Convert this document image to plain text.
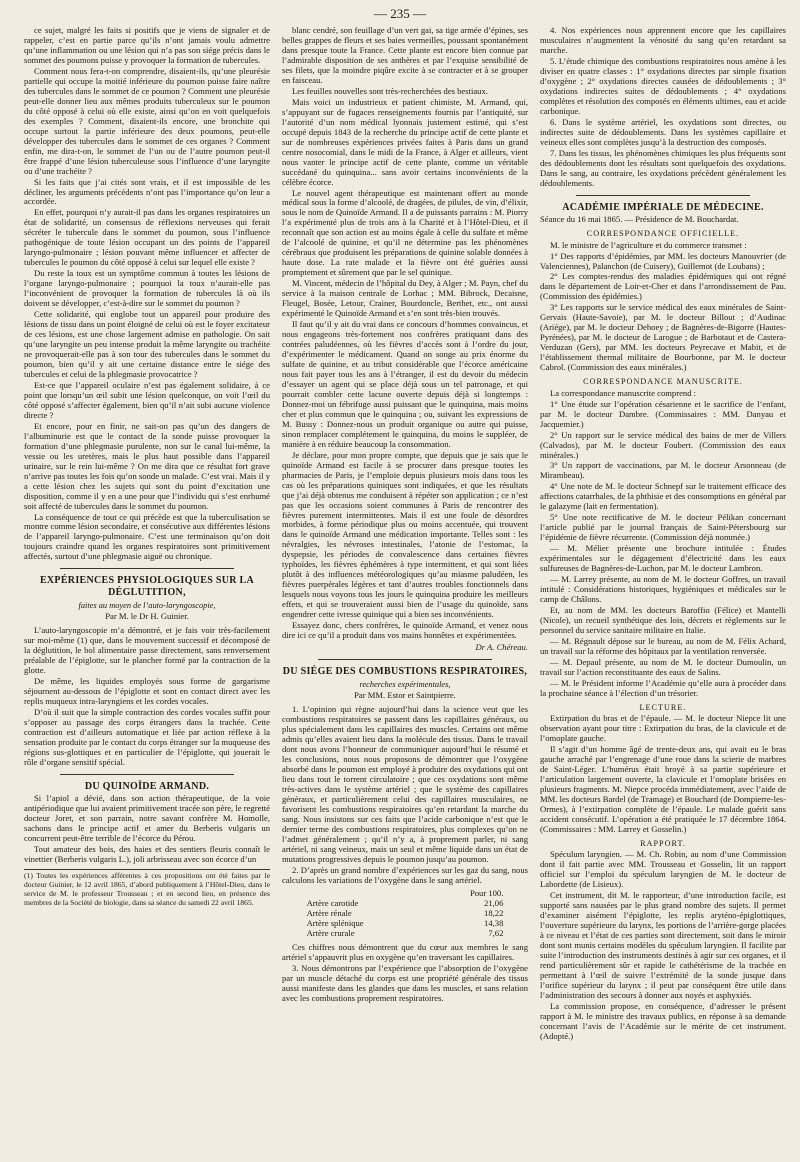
— 235 —

ce sujet, malgré les faits si positifs que je viens de signaler et de rappeler, c’est en partie parce qu’ils n’ont jamais voulu admettre qu’une inflammation ou une lésion qui n’a pas son siége précis dans le sommet des poumons puisse y provoquer la formation de tubercules.

Comment nous fera-t-on comprendre, disaient-ils, qu’une pleurésie partielle qui occupe la moitié inférieure du poumon puisse faire naître des tubercules dans le sommet de ce poumon ? Comment une pleurésie peut-elle donner lieu aux mêmes produits tuberculeux sur le poumon du côté opposé à celui où elle existe, ainsi qu’on en voit quelquefois des exemples ? Comment, disaient-ils encore, une bronchite qui occupe surtout la partie inférieure des deux poumons, peut-elle développer des tubercules dans le sommet de ces organes ? Comment enfin, me dira-t-on, le sommet de l’un ou de l’autre poumon peut-il être frappé d’une lésion tuberculeuse sous l’influence d’une laryngite ou d’une trachéite ?

Si les faits que j’ai cités sont vrais, et il est impossible de les décliner, les arguments précédents n’ont pas l’importance qu’on leur a accordée.

En effet, pourquoi n’y aurait-il pas dans les organes respiratoires un état de solidarité, un consensus de réflexions nerveuses qui ferait sécréter le tubercule dans le sommet du poumon, sous l’influence pathogénique de toute lésion occupant un des points de l’appareil laryngo-pulmonaire ; lésion pouvant même influencer et affecter de tubercules le poumon du côté opposé à celui sur lequel elle existe ?

Du reste la toux est un symptôme commun à toutes les lésions de l’organe laryngo-pulmonaire ; pourquoi la toux n’aurait-elle pas l’inconvénient de provoquer la formation de tubercules là où ils doivent se développer, c’est-à-dire sur le sommet du poumon ?

Cette solidarité, qui englobe tout un appareil pour produire des lésions de tissu dans un point éloigné de celui où est le foyer excitateur de ces lésions, est une chose largement admise en pathologie. On sait qu’une laryngite un peu intense produit la même laryngite ou trachéite ne provoquerait-elle pas à son tour des tubercules dans le sommet du poumon, bien qu’il y ait une certaine distance entre le siége des tubercules et celui de la phlegmasie provocatrice ?

Est-ce que l’appareil oculaire n’est pas également solidaire, à ce point que lorsqu’un œil subit une lésion quelconque, on voit l’œil du côté opposé s’affecter également, bien qu’il n’ait subi aucune violence directe ?

Et encore, pour en finir, ne sait-on pas qu’un des dangers de l’albuminurie est que le contact de la sonde puisse provoquer la formation d’une phlegmasie purulente, non sur le canal lui-même, la vessie ou les uretères, mais le plus haut possible dans l’appareil urinaire, sur le rein lui-même ? On me dira que ce résultat fort grave n’arrive pas toutes les fois qu’on sonde un malade. C’est vrai. Mais il y a cette lésion chez les sujets qui sont du point d’excitation une disposition, comme il y en a une pour que l’individu qui s’est enrhumé soit affecté de tubercules dans le sommet du poumon.

La conséquence de tout ce qui précède est que la tuberculisation se montre comme lésion secondaire, et consécutive aux différentes lésions de l’appareil laryngo-pulmonaire. C’est une terminaison qu’on doit toujours craindre quand les organes respiratoires sont primitivement affectés, surtout d’une phlegmasie aiguë ou chronique.

EXPÉRIENCES PHYSIOLOGIQUES SUR LA DÉGLUTITION,
faites au moyen de l’auto-laryngoscopie,
Par M. le Dr H. Guinier.

L’auto-laryngoscopie m’a démontré, et je fais voir très-facilement sur moi-même (1) que, dans le mouvement successif et décomposé de la déglutition, le bol alimentaire passe directement, sans renversement préalable de l’épiglotte, sur le plancher formé par la contraction de la glotte.

De même, les liquides employés sous forme de gargarisme séjournent au-dessous de l’épiglotte et sont en contact direct avec les replis muqueux intra-laryngiens et les cordes vocales.

D’où il suit que la simple contraction des cordes vocales suffit pour s’opposer au passage des corps étrangers dans la trachée. Cette contraction est d’ailleurs automatique et liée par action réflexe à la sensation produite par le contact du corps étranger sur la muqueuse des régions sus-glottiques et en particulier de l’épiglotte, qui jouerait le rôle d’organe sensitif spécial.

DU QUINOÏDE ARMAND.

Si l’apiol a dévié, dans son action thérapeutique, de la voie antipériodique que lui avaient primitivement tracée son père, le regretté docteur Joret, et son parrain, notre savant confrère M. Homolle, sachons dans le principe actif et amer du Berberis vulgaris un concurrent peut-être terrible de l’écorce du Pérou.

Tout amateur des bois, des haies et des sentiers fleuris connaît le vinettier (Berberis vulgaris L.), joli arbrisseau avec son écorce d’un

(1) Toutes les expériences afférentes à ces propositions ont été faites par le docteur Guinier, le 12 avril 1865, d’abord publiquement à l’Hôtel-Dieu, dans le service de M. le professeur Trousseau ; et en second lieu, en présence des membres de la Société de biologie, dans sa séance du samedi 22 avril 1865.

blanc cendré, son feuillage d’un vert gai, sa tige armée d’épines, ses belles grappes de fleurs et ses baies vermeilles, poussant spontanément dans presque toute la France. Cette plante est encore bien connue par l’admirable disposition de ses anthères et par l’exquise sensibilité de ses filets, que la moindre piqûre excite à se contracter et à se grouper en faisceau.

Les feuilles nouvelles sont très-recherchées des bestiaux.

Mais voici un industrieux et patient chimiste, M. Armand, qui, s’appuyant sur de fugaces renseignements fournis par l’antiquité, sur l’autorité d’un nom médical lyonnais justement estimé, qui s’est occupé depuis 1843 de la recherche du principe actif de cette plante et sur de nombreuses expériences privées faites à Paris dans un grand centre nosocomial, dans le midi de la France, à Alger et ailleurs, vient nous vanter le principe actif de cette plante, comme un véritable succédané du quinquina... sans avoir certains inconvénients de la célèbre écorce.

Le nouvel agent thérapeutique est maintenant offert au monde médical sous la forme d’alcoolé, de dragées, de pilules, de vin, d’élixir, sous le nom de Quinoïde Armand. Il a de puissants parrains : M. Piorry l’a expérimenté plus de trois ans à la Charité et à l’Hôtel-Dieu, et il reconnaît que son action est au moins égale à celle du sulfate et même de l’alcoolé de quinine, et qu’il ne détermine pas les phénomènes cérébraux que produisent les préparations de quinine solable données à haute dose. La rate malade et la fièvre ont été guéries aussi promptement et sûrement que par le sel quinique.

M. Vincent, médecin de l’hôpital du Dey, à Alger ; M. Payn, chef du service à la maison centrale de Lorhac ; MM. Bibrock, Decaisne, Fleugel, Bosée, Letour, Crainer, Bourdoncle, Berthet, etc., ont aussi expérimenté le Quinoïde Armand et s’en sont très-bien trouvés.

Il faut qu’il y ait du vrai dans ce concours d’hommes convaincus, et nous engageons très-fortement nos confrères pratiquant dans des contrées paludéennes, où les fièvres d’accès sont à l’ordre du jour, d’expérimenter le médicament. Quand on songe au prix énorme du sulfate de quinine, et au tribut considérable que l’écorce américaine nous fait payer tous les ans à l’étranger, il est du devoir du médecin d’essayer un agent qui se place déjà sous un tel patronage, et qui pourrait combler cette lacune ouverte depuis déjà si longtemps : Donnez-moi un fébrifuge aussi puissant que le quinquina, mais moins cher et plus commun que le quinquina ; ou, suivant les expressions de M. Bussy : Donnez-nous un produit organique ou autre qui puisse, sinon remplacer complétement le quinquina, du moins le suppléer, de manière à en réduire beaucoup la consommation.

Je déclare, pour mon propre compte, que depuis que je sais que le quinoïde Armand est facile à se procurer dans presque toutes les pharmacies de Paris, je l’emploie depuis plusieurs mois dans tous les cas où les préparations quiniques sont indiquées, et que les résultats que j’ai déjà obtenus me conduisent à répéter son application ; ce n’est pas que les occasions soient communes à Paris de rencontrer des fièvres purement intermittentes. Mais il est une foule de désordres morbides, à forme périodique plus ou moins accentuée, qui trouvent dans le quinoïde Armand une médication importante. Telles sont : les névralgies, les névroses intestinales, l’atonie de l’estomac, la dyspepsie, les périodes de convalescence dans certaines fièvres typhoïdes, les fièvres éphémères à type intermittent, et qui sont liées plutôt à des influences météorologiques qu’au miasme paludéen, les fièvres puerpérales légères et tant d’autres troubles fonctionnels dans lesquels nous voyons tous les jours le quinquina produire les meilleurs effets, et qui se trouveraient aussi bien de l’usage du quinoïde, sans engendrer cette ivresse quinique qui a bien ses inconvénients.

Essayez donc, chers confrères, le quinoïde Armand, et venez nous dire ici ce qu’il a produit dans vos mains honnêtes et expérimentées.

Dr A. Chéreau.
DU SIÉGE DES COMBUSTIONS RESPIRATOIRES,
recherches expérimentales,
Par MM. Estor et Saintpierre.

1. L’opinion qui règne aujourd’hui dans la science veut que les combustions respiratoires se passent dans les capillaires généraux, ou plus spécialement dans les capillaires des muscles. Certains ont même admis qu’elles avaient lieu dans la molécule des tissus. Dans le travail dont nous avons l’honneur de communiquer aujourd’hui le résumé et les conclusions, nous nous proposons de démontrer que l’oxygène absorbé dans le poumon est employé à produire des oxydations qui ont lieu dans tout le torrent circulatoire ; que ces oxydations sont même très-actives dans le système artériel ; que le système des capillaires généraux, et particulièrement celui des capillaires musculaires, ne favorisent les combustions respiratoires qu’en retardant la marche du sang. Nous insistons sur ces faits que l’acide carbonique n’est que le dernier terme des combustions respiratoires, plus complexes qu’on ne l’admet généralement ; qu’il n’y a, à proprement parler, ni sang artériel, ni sang veineux, mais un seul et même liquide dans un état de mutations progressives depuis le poumon jusqu’au poumon.

2. D’après un grand nombre d’expériences sur les gaz du sang, nous calculons les variations de l’oxygène dans le sang artériel.

	Pour 100.
Artère carotide	21,06
Artère rénale	18,22
Artère splénique	14,38
Artère crurale	7,62

Ces chiffres nous démontrent que du cœur aux membres le sang artériel s’appauvrit plus en oxygène qu’en traversant les capillaires.

3. Nous démontrons par l’expérience que l’absorption de l’oxygène par un muscle détaché du corps est une propriété générale des tissus aussi manifeste dans les glandes que dans les muscles, et sans relation avec les combustions proprement respiratoires.

4. Nos expériences nous apprennent encore que les capillaires musculaires n’augmentent la vénosité du sang qu’en retardant sa marche.

5. L’étude chimique des combustions respiratoires nous amène à les diviser en quatre classes : 1° oxydations directes par simple fixation d’oxygène ; 2° oxydations directes causées de dédoublements ; 3° oxydations indirectes suites de dédoublements ; 4° oxydations complètes et résolution des composés en éléments ultimes, eau et acide carbonique.

6. Dans le système artériel, les oxydations sont directes, ou indirectes suite de dédoublements. Dans les systèmes capillaire et veineux elles sont complètes jusqu’à la destruction des composés.

7. Dans les tissus, les phénomènes chimiques les plus fréquents sont des dédoublements dont les résultats sont quelquefois des oxydations. Dans le sang, au contraire, les oxydations précèdent généralement les dédoublements.

ACADÉMIE IMPÉRIALE DE MÉDECINE.

Séance du 16 mai 1865. — Présidence de M. Bouchardat.

CORRESPONDANCE OFFICIELLE.

M. le ministre de l’agriculture et du commerce transmet :

1° Des rapports d’épidémies, par MM. les docteurs Manouvrier (de Valenciennes), Palanchon (de Cuisery), Guillemot (de Loubans) ;

2° Les comptes-rendus des maladies épidémiques qui ont régné dans le département de Loir-et-Cher et dans l’arrondissement de Pau. (Commission des épidémies.)

3° Les rapports sur le service médical des eaux minérales de Saint-Gervais (Haute-Savoie), par M. le docteur Billout ; d’Audinac (Ariége), par M. le docteur Dehoey ; de Bagnères-de-Bigorre (Hautes-Pyrénées), par M. le docteur de Larogue ; de Barbotaut et de Castera-Verduzan (Gers), par MM. les docteurs Peyrecave et Mabit, et de l’établissement thermal militaire de Bourbonne, par M. le docteur Cabrol. (Commission des eaux minérales.)

CORRESPONDANCE MANUSCRITE.

La correspondance manuscrite comprend :

1° Une étude sur l’opération césarienne et le sacrifice de l’enfant, par M. le docteur Dambre. (Commissaires : MM. Danyau et Jacquemier.)

2° Un rapport sur le service médical des bains de mer de Villers (Calvados), par M. le docteur Foubert. (Commission des eaux minérales.)

3° Un rapport de vaccinations, par M. le docteur Arsonneau (de Mirambeau).

4° Une note de M. le docteur Schnepf sur le traitement efficace des affections catarrhales, de la phthisie et des consomptions en général par le galazyme (lait en fermentation).

5° Une note rectificative de M. le docteur Pélikan concernant l’article publié par le journal français de Saint-Pétersbourg sur l’épidémie de fièvre récurrente. (Commission déjà nommée.)

— M. Mélier présente une brochure intitulée : Études expérimentales sur le dégagement d’électricité dans les eaux sulfureuses de Bagnères-de-Luchon, par M. le docteur Lambron.

— M. Larrey présente, au nom de M. le docteur Goffres, un travail intitulé : Considérations historiques, hygiéniques et médicales sur le camp de Châlons.

Et, au nom de MM. les docteurs Baroffio (Félice) et Mantelli (Nicole), un recueil synthétique des lois, décrets et règlements sur le personnel du service sanitaire militaire en Italie.

— M. Régnault dépose sur le bureau, au nom de M. Félix Achard, un travail sur la réforme des hôpitaux par la ventilation renversée.

— M. Depaul présente, au nom de M. le docteur Dumoulin, un travail sur l’action reconstituante des eaux de Salins.

— M. le Président informe l’Académie qu’elle aura à procéder dans la prochaine séance à l’élection d’un trésorier.

LECTURE.

Extirpation du bras et de l’épaule. — M. le docteur Niepce lit une observation ayant pour titre : Extirpation du bras, de la clavicule et de l’omoplate gauche.

Il s’agit d’un homme âgé de trente-deux ans, qui avait eu le bras gauche arraché par l’engrenage d’une roue dans la scierie de marbres de Saint-Léger. L’humérus était broyé à sa partie supérieure et l’articulation largement ouverte, la clavicule et l’omoplate brisées en plusieurs fragments. M. Niepce procéda immédiatement, avec l’aide de MM. les docteurs Bardel (de Tramage) et Bouchard (de Dompierre-les-Ormes), à l’extirpation complète de l’épaule. Le malade guérit sans accident consécutif. L’opération a été pratiquée le 17 décembre 1864. (Commissaires : MM. Larrey et Gosselin.)

RAPPORT.

Spéculum laryngien. — M. Ch. Robin, au nom d’une Commission dont il fait partie avec MM. Trousseau et Gosselin, lit un rapport officiel sur l’emploi du spéculum laryngien de M. le docteur de Labordette (de Lisieux).

Cet instrument, dit M. le rapporteur, d’une introduction facile, est supporté sans nausées par le plus grand nombre des sujets. Il permet d’examiner aisément l’épiglotte, les replis aryténo-épiglottiques, l’ouverture supérieure du larynx, les portions de l’arrière-gorge placées à ce niveau et l’état de ces parties sont directement, soit dans le miroir dont sont munis certains modèles du spéculum laryngien. Il facilite par suite l’introduction des instruments destinés à agir sur ces organes, et il rend particulièrement sûr et rapide le cathétérisme de la trachée en permettant à l’œil de suivre l’extrémité de la sonde jusque dans l’orifice supérieur du larynx ; il peut par conséquent être utile dans l’administration des secours à donner aux noyés et asphyxiés.

La commission propose, en conséquence, d’adresser le présent rapport à M. le ministre des travaux publics, en réponse à sa demande concernant l’avis de l’Académie sur le mérite de cet instrument. (Adopté.)
